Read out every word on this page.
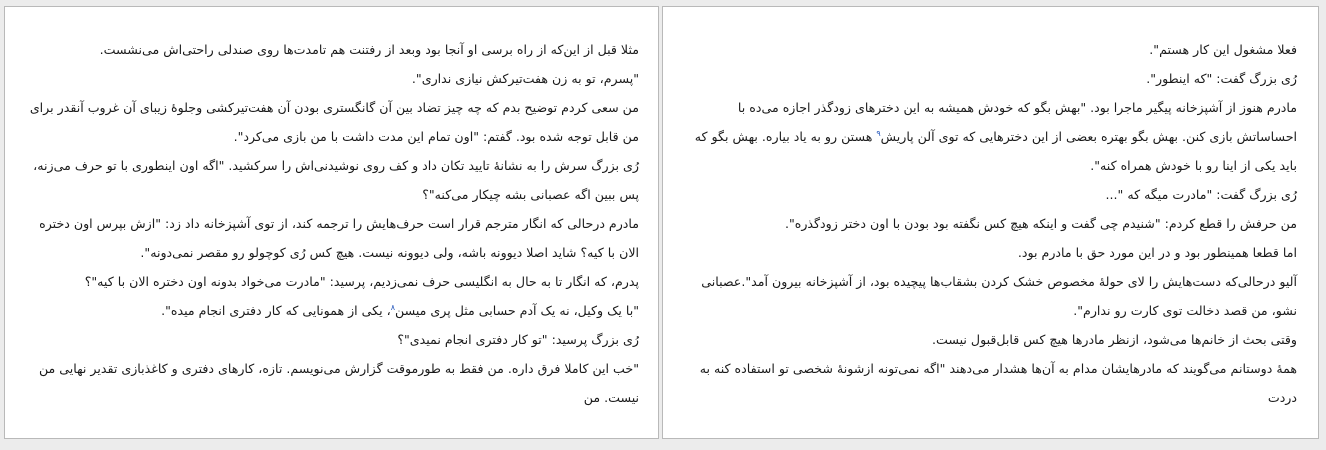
مثلا قبل از این‌که از راه برسی او آنجا بود وبعد از رفتنت هم تامدت‌ها روی صندلی راحتی‌اش می‌نشست.

"پسرم، تو به زن هفت‌تیرکش نیازی نداری".

من سعی کردم توضیح بدم که چه چیز تضاد بین آن گانگستری بودن آن هفت‌تیرکشی وجلوهٔ زیبای آن غروب آنقدر برای من قابل توجه شده بود. گفتم: "اون تمام این مدت داشت با من بازی می‌کرد".

رُی بزرگ سرش را به نشانهٔ تایید تکان داد و کف روی نوشیدنی‌اش را سرکشید. "اگه اون اینطوری با تو حرف می‌زنه، پس ببین اگه عصبانی بشه چیکار می‌کنه"؟

مادرم درحالی که انگار مترجم قرار است حرف‌هایش را ترجمه کند، از توی آشپزخانه داد زد: "ازش بپرس اون دختره الان با کیه؟ شاید اصلا دیوونه باشه، ولی دیوونه نیست. هیچ کس رُی کوچولو رو مقصر نمی‌دونه".

پدرم، که انگار تا به حال به انگلیسی حرف نمی‌زدیم، پرسید: "مادرت می‌خواد بدونه اون دختره الان با کیه"؟

"با یک وکیل، نه یک آدم حسابی مثل پری میسن$^۸$، یکی از همونایی که کار دفتری انجام میده".

رُی بزرگ پرسید: "تو کار دفتری انجام نمیدی"؟

"خب این کاملا فرق داره. من فقط به طورموقت گزارش می‌نویسم. تازه، کارهای دفتری و کاغذبازی تقدیر نهایی من نیست. من

فعلا مشغول این کار هستم".

رُی بزرگ گفت: "که اینطور".

مادرم هنوز از آشپزخانه پیگیر ماجرا بود. "بهش بگو که خودش همیشه به این دخترهای زودگذر اجازه می‌ده با احساساتش بازی کنن. بهش بگو بهتره بعضی از این دخترهایی که توی آلن پاریش$^۹$ هستن رو به یاد بیاره. بهش بگو که باید یکی از اینا رو با خودش همراه کنه".

رُی بزرگ گفت: "مادرت میگه که "...

من حرفش را قطع کردم: "شنیدم چی گفت و اینکه هیچ کس نگفته بود بودن با اون دختر زودگذره".

اما قطعا همینطور بود و در این مورد حق با مادرم بود.

آلیو درحالی‌که دست‌هایش را لای حولهٔ مخصوص خشک کردن بشقاب‌ها پیچیده بود، از آشپزخانه بیرون آمد".عصبانی نشو، من قصد دخالت توی کارت رو ندارم".

وقتی بحث از خانم‌ها می‌شود، ازنظر مادرها هیچ کس قابل‌قبول نیست.

همهٔ دوستانم می‌گویند که مادرهایشان مدام به آن‌ها هشدار می‌دهند "اگه نمی‌تونه ازشونهٔ شخصی تو استفاده کنه به دردت
